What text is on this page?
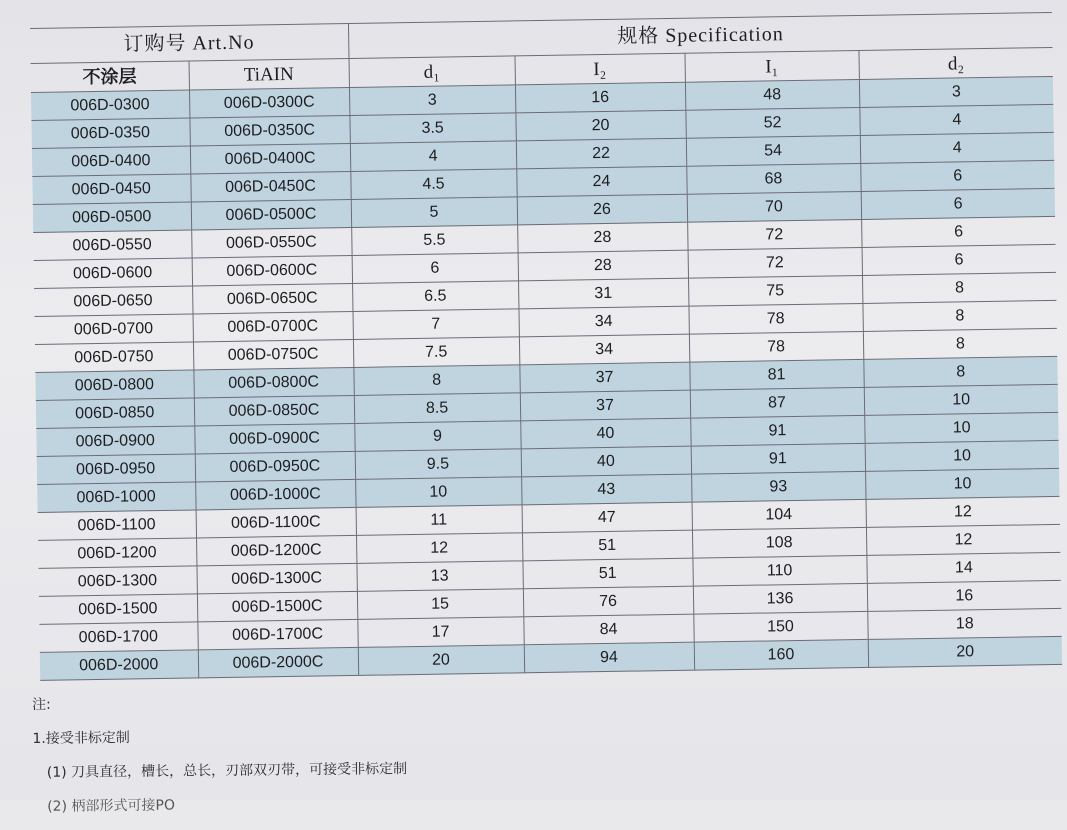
订购号 Art.No		规格 Specification			
不涂层	TiAIN	d₁	I₂	I₁	d₂
006D-0300	006D-0300C	3	16	48	3
006D-0350	006D-0350C	3.5	20	52	4
006D-0400	006D-0400C	4	22	54	4
006D-0450	006D-0450C	4.5	24	68	6
006D-0500	006D-0500C	5	26	70	6
006D-0550	006D-0550C	5.5	28	72	6
006D-0600	006D-0600C	6	28	72	6
006D-0650	006D-0650C	6.5	31	75	8
006D-0700	006D-0700C	7	34	78	8
006D-0750	006D-0750C	7.5	34	78	8
006D-0800	006D-0800C	8	37	81	8
006D-0850	006D-0850C	8.5	37	87	10
006D-0900	006D-0900C	9	40	91	10
006D-0950	006D-0950C	9.5	40	91	10
006D-1000	006D-1000C	10	43	93	10
006D-1100	006D-1100C	11	47	104	12
006D-1200	006D-1200C	12	51	108	12
006D-1300	006D-1300C	13	51	110	14
006D-1500	006D-1500C	15	76	136	16
006D-1700	006D-1700C	17	84	150	18
006D-2000	006D-2000C	20	94	160	20
注:
1.接受非标定制
(1) 刀具直径，槽长，总长，刃部双刃带，可接受非标定制
(2) 柄部形式可接PO
